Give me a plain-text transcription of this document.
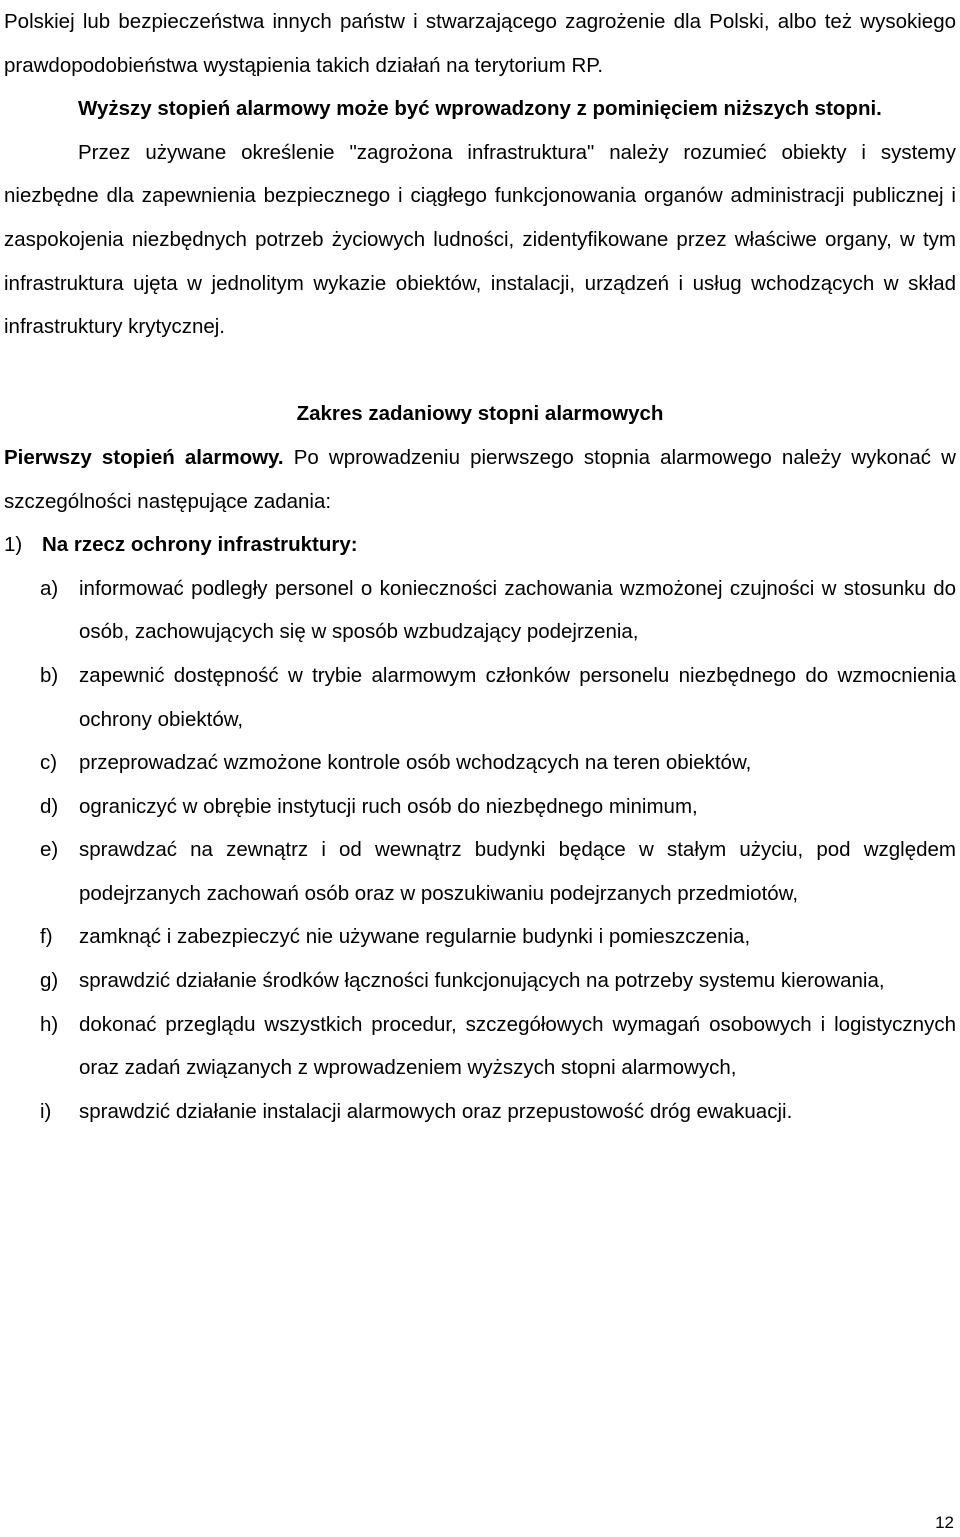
Polskiej lub bezpieczeństwa innych państw i stwarzającego zagrożenie dla Polski, albo też wysokiego prawdopodobieństwa wystąpienia takich działań na terytorium RP.

Wyższy stopień alarmowy może być wprowadzony z pominięciem niższych stopni.

Przez używane określenie "zagrożona infrastruktura" należy rozumieć obiekty i systemy niezbędne dla zapewnienia bezpiecznego i ciągłego funkcjonowania organów administracji publicznej i zaspokojenia niezbędnych potrzeb życiowych ludności, zidentyfikowane przez właściwe organy, w tym infrastruktura ujęta w jednolitym wykazie obiektów, instalacji, urządzeń i usług wchodzących w skład infrastruktury krytycznej.

Zakres zadaniowy stopni alarmowych

Pierwszy stopień alarmowy. Po wprowadzeniu pierwszego stopnia alarmowego należy wykonać w szczególności następujące zadania:

1) Na rzecz ochrony infrastruktury:
a)	informować podległy personel o konieczności zachowania wzmożonej czujności w stosunku do osób, zachowujących się w sposób wzbudzający podejrzenia,
b)	zapewnić dostępność w trybie alarmowym członków personelu niezbędnego do wzmocnienia ochrony obiektów,
c)	przeprowadzać wzmożone kontrole osób wchodzących na teren obiektów,
d)	ograniczyć w obrębie instytucji ruch osób do niezbędnego minimum,
e)	sprawdzać na zewnątrz i od wewnątrz budynki będące w stałym użyciu, pod względem podejrzanych zachowań osób oraz w poszukiwaniu podejrzanych przedmiotów,
f)	zamknąć i zabezpieczyć nie używane regularnie budynki i pomieszczenia,
g)	sprawdzić działanie środków łączności funkcjonujących na potrzeby systemu kierowania,
h)	dokonać przeglądu wszystkich procedur, szczegółowych wymagań osobowych i logistycznych oraz zadań związanych z wprowadzeniem wyższych stopni alarmowych,
i)	sprawdzić działanie instalacji alarmowych oraz przepustowość dróg ewakuacji.
12
